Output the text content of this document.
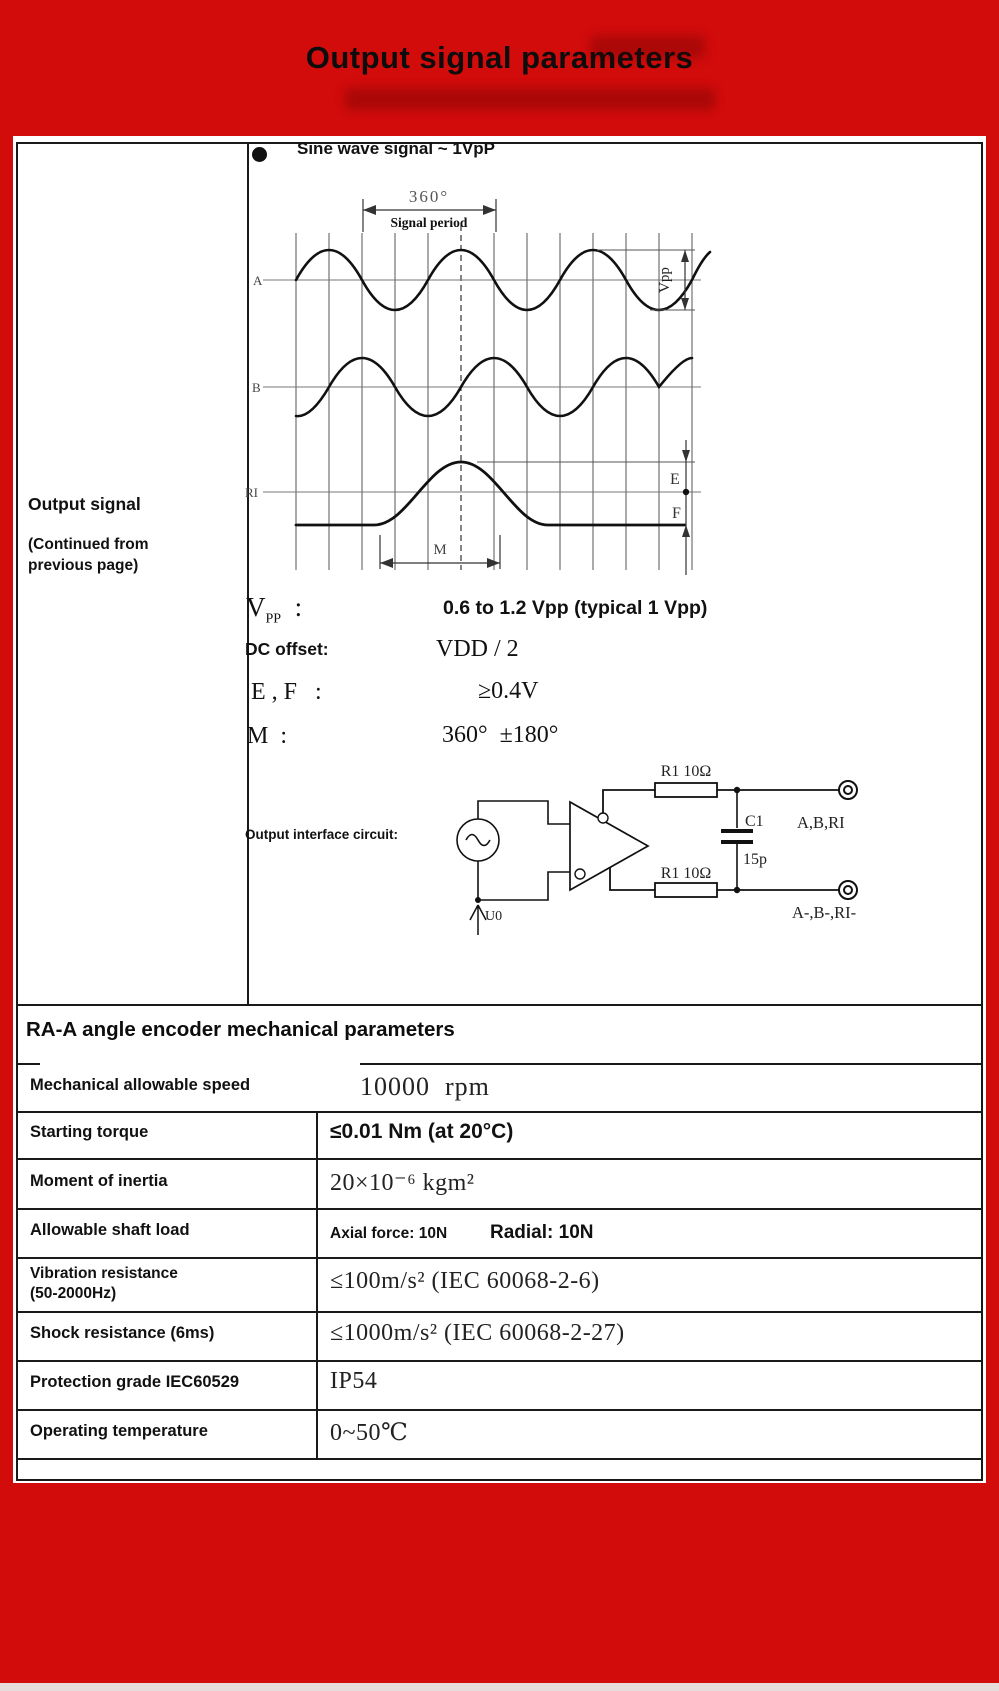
Output signal parameters
Output signal
(Continued from previous page)
Sine wave signal ~ 1VpP
360°
Signal period
A	Vpp
B
RI
E
F
M
$V_{PP}$  :	0.6 to 1.2 Vpp (typical 1 Vpp)
DC offset:	VDD / 2
E , F   :	≥0.4V
M  :	360°  ±180°
Output interface circuit:
R1 10Ω
R1 10Ω
C1
15p
A,B,RI
A-,B-,RI-
U0
RA-A angle encoder mechanical parameters
Mechanical allowable speed	10000  rpm
Starting torque	≤0.01 Nm (at 20°C)
Moment of inertia	20×10⁻⁶ kgm²
Allowable shaft load	Axial force: 10N Radial: 10N
Vibration resistance
(50-2000Hz)	≤100m/s² (IEC 60068-2-6)
Shock resistance (6ms)	≤1000m/s² (IEC 60068-2-27)
Protection grade IEC60529	IP54
Operating temperature	0~50℃
